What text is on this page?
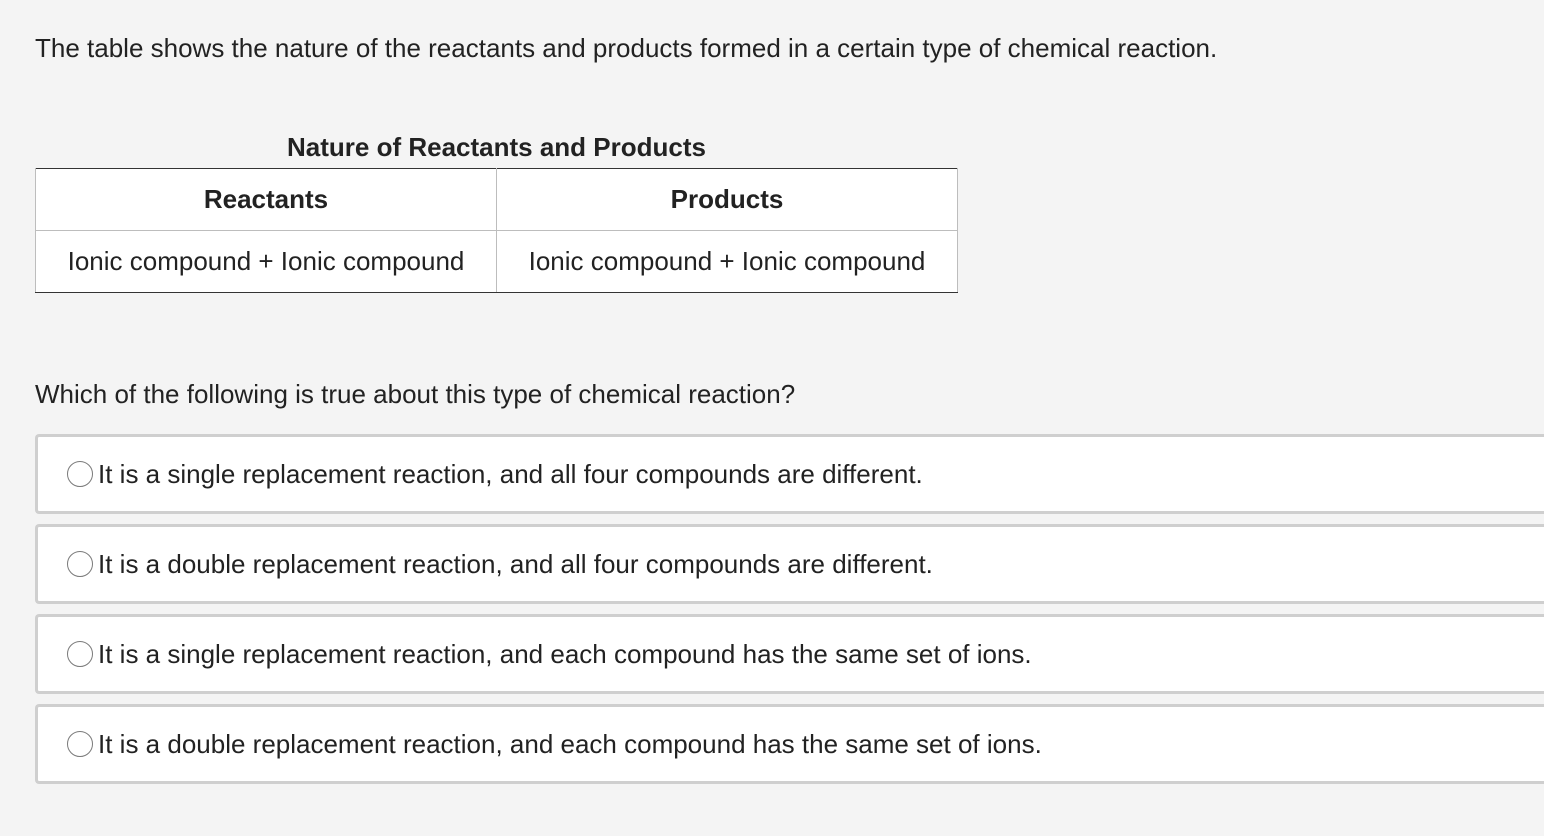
The table shows the nature of the reactants and products formed in a certain type of chemical reaction.
Nature of Reactants and Products
Reactants	Products
Ionic compound + Ionic compound	Ionic compound + Ionic compound
Which of the following is true about this type of chemical reaction?
It is a single replacement reaction, and all four compounds are different.
It is a double replacement reaction, and all four compounds are different.
It is a single replacement reaction, and each compound has the same set of ions.
It is a double replacement reaction, and each compound has the same set of ions.
